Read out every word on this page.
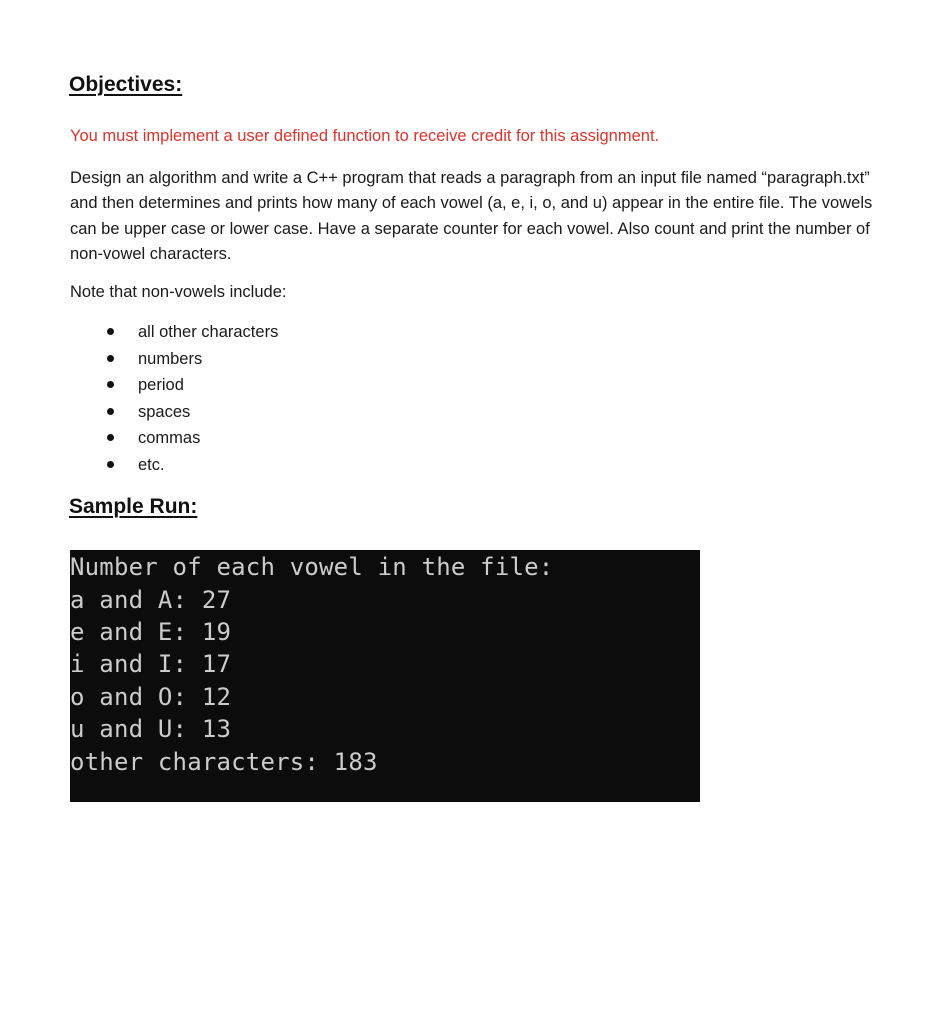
Objectives:

You must implement a user defined function to receive credit for this assignment.

Design an algorithm and write a C++ program that reads a paragraph from an input file named “paragraph.txt” and then determines and prints how many of each vowel (a, e, i, o, and u) appear in the entire file. The vowels can be upper case or lower case. Have a separate counter for each vowel. Also count and print the number of non-vowel characters.

Note that non-vowels include:

all other characters
numbers
period
spaces
commas
etc.
Sample Run:
Number of each vowel in the file:
a and A: 27
e and E: 19
i and I: 17
o and O: 12
u and U: 13
other characters: 183
